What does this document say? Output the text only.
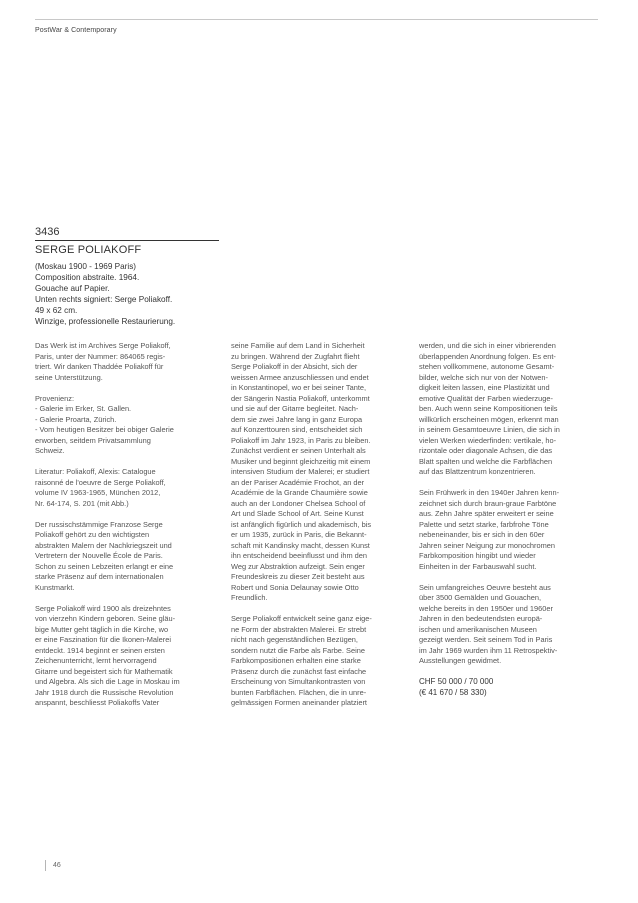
PostWar & Contemporary
3436
SERGE POLIAKOFF
(Moskau 1900 - 1969 Paris)
Composition abstraite. 1964.
Gouache auf Papier.
Unten rechts signiert: Serge Poliakoff.
49 x 62 cm.
Winzige, professionelle Restaurierung.

Das Werk ist im Archives Serge Poliakoff,
Paris, unter der Nummer: 864065 regis-
triert. Wir danken Thaddée Poliakoff für
seine Unterstützung.

Provenienz:
- Galerie im Erker, St. Gallen.
- Galerie Proarta, Zürich.
- Vom heutigen Besitzer bei obiger Galerie
erworben, seitdem Privatsammlung
Schweiz.

Literatur: Poliakoff, Alexis: Catalogue
raisonné de l'oeuvre de Serge Poliakoff,
volume IV 1963-1965, München 2012,
Nr. 64-174, S. 201 (mit Abb.)

Der russischstämmige Franzose Serge
Poliakoff gehört zu den wichtigsten
abstrakten Malern der Nachkriegszeit und
Vertretern der Nouvelle École de Paris.
Schon zu seinen Lebzeiten erlangt er eine
starke Präsenz auf dem internationalen
Kunstmarkt.

Serge Poliakoff wird 1900 als dreizehntes
von vierzehn Kindern geboren. Seine gläu-
bige Mutter geht täglich in die Kirche, wo
er eine Faszination für die Ikonen-Malerei
entdeckt. 1914 beginnt er seinen ersten
Zeichenunterricht, lernt hervorragend
Gitarre und begeistert sich für Mathematik
und Algebra. Als sich die Lage in Moskau im
Jahr 1918 durch die Russische Revolution
anspannt, beschliesst Poliakoffs Vater

seine Familie auf dem Land in Sicherheit
zu bringen. Während der Zugfahrt flieht
Serge Poliakoff in der Absicht, sich der
weissen Armee anzuschliessen und endet
in Konstantinopel, wo er bei seiner Tante,
der Sängerin Nastia Poliakoff, unterkommt
und sie auf der Gitarre begleitet. Nach-
dem sie zwei Jahre lang in ganz Europa
auf Konzerttouren sind, entscheidet sich
Poliakoff im Jahr 1923, in Paris zu bleiben.
Zunächst verdient er seinen Unterhalt als
Musiker und beginnt gleichzeitig mit einem
intensiven Studium der Malerei; er studiert
an der Pariser Académie Frochot, an der
Académie de la Grande Chaumière sowie
auch an der Londoner Chelsea School of
Art und Slade School of Art. Seine Kunst
ist anfänglich figürlich und akademisch, bis
er um 1935, zurück in Paris, die Bekannt-
schaft mit Kandinsky macht, dessen Kunst
ihn entscheidend beeinflusst und ihm den
Weg zur Abstraktion aufzeigt. Sein enger
Freundeskreis zu dieser Zeit besteht aus
Robert und Sonia Delaunay sowie Otto
Freundlich.

Serge Poliakoff entwickelt seine ganz eige-
ne Form der abstrakten Malerei. Er strebt
nicht nach gegenständlichen Bezügen,
sondern nutzt die Farbe als Farbe. Seine
Farbkompositionen erhalten eine starke
Präsenz durch die zunächst fast einfache
Erscheinung von Simultankontrasten von
bunten Farbflächen. Flächen, die in unre-
gelmässigen Formen aneinander platziert

werden, und die sich in einer vibrierenden
überlappenden Anordnung folgen. Es ent-
stehen vollkommene, autonome Gesamt-
bilder, welche sich nur von der Notwen-
digkeit leiten lassen, eine Plastizität und
emotive Qualität der Farben wiederzuge-
ben. Auch wenn seine Kompositionen teils
willkürlich erscheinen mögen, erkennt man
in seinem Gesamtoeuvre Linien, die sich in
vielen Werken wiederfinden: vertikale, ho-
rizontale oder diagonale Achsen, die das
Blatt spalten und welche die Farbflächen
auf das Blattzentrum konzentrieren.

Sein Frühwerk in den 1940er Jahren kenn-
zeichnet sich durch braun-graue Farbtöne
aus. Zehn Jahre später erweitert er seine
Palette und setzt starke, farbfrohe Töne
nebeneinander, bis er sich in den 60er
Jahren seiner Neigung zur monochromen
Farbkomposition hingibt und wieder
Einheiten in der Farbauswahl sucht.

Sein umfangreiches Oeuvre besteht aus
über 3500 Gemälden und Gouachen,
welche bereits in den 1950er und 1960er
Jahren in den bedeutendsten europä-
ischen und amerikanischen Museen
gezeigt werden. Seit seinem Tod in Paris
im Jahr 1969 wurden ihm 11 Retrospektiv-
Ausstellungen gewidmet.

CHF 50 000 / 70 000
(€ 41 670 / 58 330)

46
